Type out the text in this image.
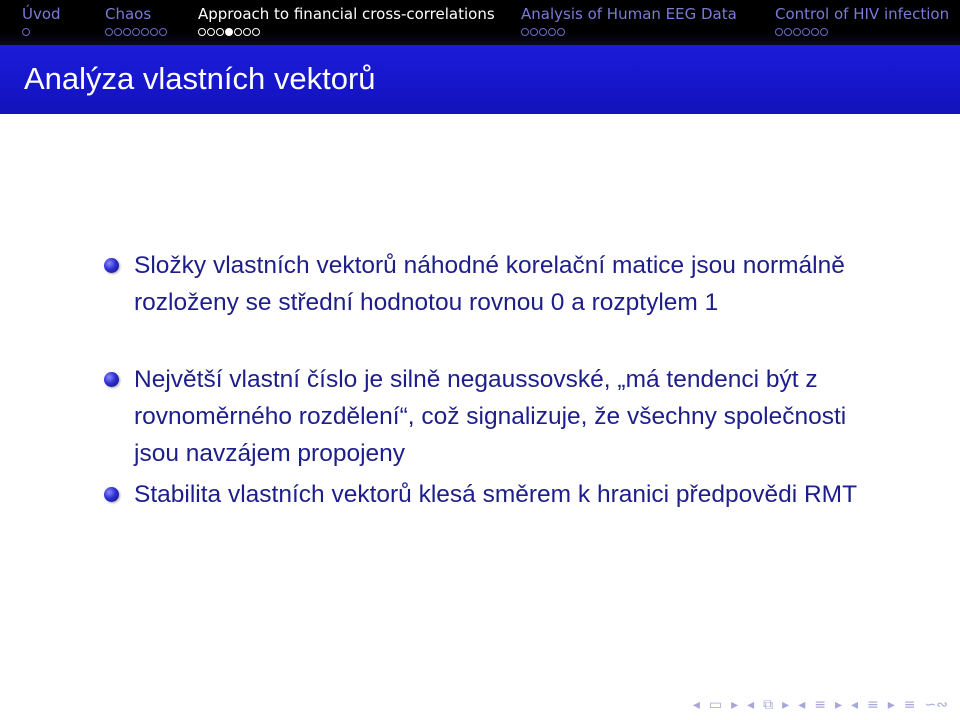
Úvod	Chaos	Approach to financial cross-correlations Analysis of Human EEG Data	Control of HIV infection
Analýza vlastních vektorů
Složky vlastních vektorů náhodné korelační matice jsou normálně rozloženy se střední hodnotou rovnou 0 a rozptylem 1
Největší vlastní číslo je silně negaussovské, „má tendenci být z rovnoměrného rozdělení“, což signalizuje, že všechny společnosti jsou navzájem propojeny
Stabilita vlastních vektorů klesá směrem k hranici předpovědi RMT
◂ ▭ ▸ ◂ ⧉ ▸ ◂ ≡ ▸ ◂ ≡ ▸ ≡ ∽∾
